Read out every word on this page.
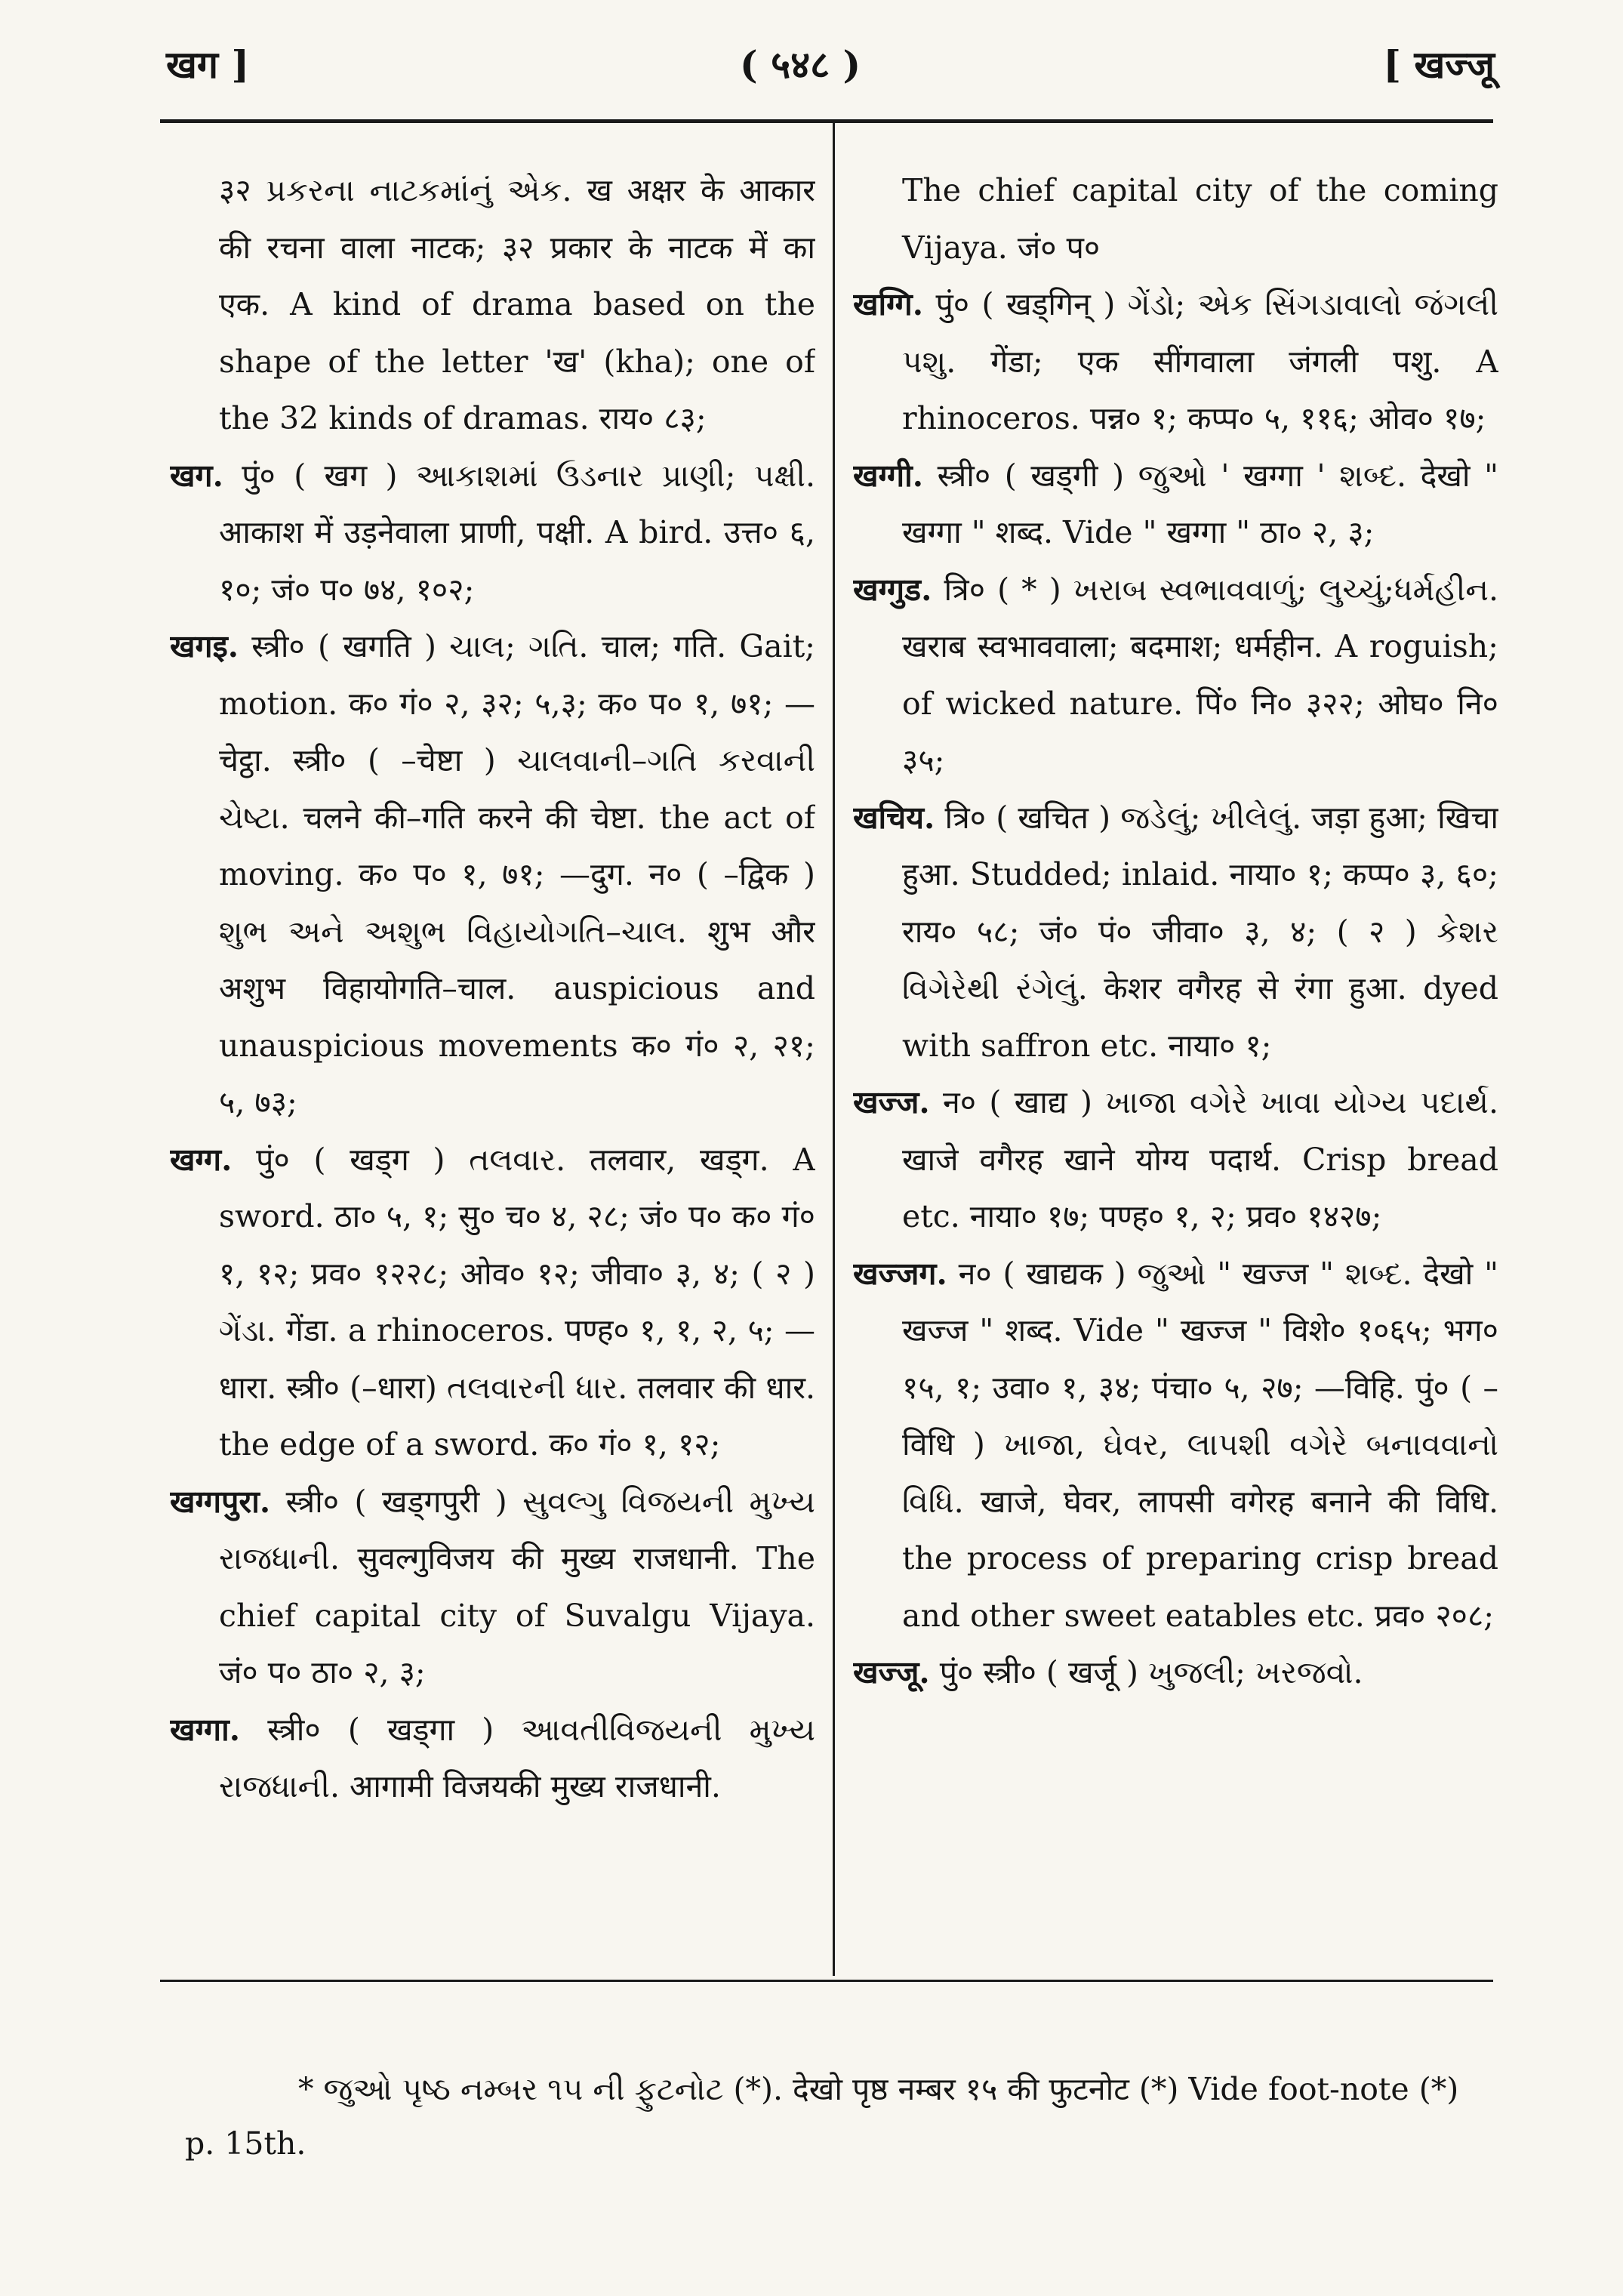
खग ]	( ५४८ )	[ खज्जू

३२ પ્રકરના નાટકમાંનું એક. ख अक्षर के आकार की रचना वाला नाटक; ३२ प्रकार के नाटक में का एक. A kind of drama based on the shape of the letter 'ख' (kha); one of the 32 kinds of dramas. राय० ८३;

खग. पुं० ( खग ) આકાશમાં ઉડનાર પ્રાણી; પક્ષી. आकाश में उड़नेवाला प्राणी, पक्षी. A bird. उत्त० ६, १०; जं० प० ७४, १०२;

खगइ. स्त्री० ( खगति ) ચાલ; ગતિ. चाल; गति. Gait; motion. क० गं० २, ३२; ५,३; क० प० १, ७१; —चेट्ठा. स्त्री० ( –चेष्टा ) ચાલવાની–ગતિ કરવાની ચેષ્ટા. चलने की–गति करने की चेष्टा. the act of moving. क० प० १, ७१; —दुग. न० ( –द्विक ) શુભ અને અશુભ વિહાયોગતિ–ચાલ. शुभ और अशुभ विहायोगति–चाल. auspicious and unauspicious movements क० गं० २, २१; ५, ७३;

खग्ग. पुं० ( खड्ग ) તલવાર. तलवार, खड्ग. A sword. ठा० ५, १; सु० च० ४, २८; जं० प० क० गं० १, १२; प्रव० १२२८; ओव० १२; जीवा० ३, ४; ( २ ) ગેંડા. गेंडा. a rhinoceros. पण्ह० १, १, २, ५; —धारा. स्त्री० (–धारा) તલવારની ધાર. तलवार की धार. the edge of a sword. क० गं० १, १२;

खग्गपुरा. स्त्री० ( खड्गपुरी ) સુવલ્ગુ વિજયની મુખ્ય રાજધાની. सुवल्गुविजय की मुख्य राजधानी. The chief capital city of Suvalgu Vijaya. जं० प० ठा० २, ३;

खग्गा. स्त्री० ( खड्गा ) આવતીવિજયની મુખ્ય રાજધાની. आगामी विजयकी मुख्य राजधानी.

The chief capital city of the coming Vijaya. जं० प०

खग्गि. पुं० ( खड्गिन् ) ગેંડો; એક સિંગડાવાલો જંગલી પશુ. गेंडा; एक सींगवाला जंगली पशु. A rhinoceros. पन्न० १; कप्प० ५, ११६; ओव० १७;

खग्गी. स्त्री० ( खड्गी ) જુઓ ' खग्गा ' શબ્દ. देखो " खग्गा " शब्द. Vide " खग्गा " ठा० २, ३;

खग्गुड. त्रि० ( * ) ખરાબ સ્વભાવવાળું; લુચ્ચું;ધર્મહીન. खराब स्वभाववाला; बदमाश; धर्महीन. A roguish; of wicked nature. पिं० नि० ३२२; ओघ० नि० ३५;

खचिय. त्रि० ( खचित ) જડેલું; ખીલેલું. जड़ा हुआ; खिचा हुआ. Studded; inlaid. नाया० १; कप्प० ३, ६०; राय० ५८; जं० पं० जीवा० ३, ४; ( २ ) કેશર વિગેરેથી રંગેલું. केशर वगैरह से रंगा हुआ. dyed with saffron etc. नाया० १;

खज्ज. न० ( खाद्य ) ખાજા વગેરે ખાવા યોગ્ય પદાર્થ. खाजे वगैरह खाने योग्य पदार्थ. Crisp bread etc. नाया० १७; पण्ह० १, २; प्रव० १४२७;

खज्जग. न० ( खाद्यक ) જુઓ " खज्ज " શબ્દ. देखो " खज्ज " शब्द. Vide " खज्ज " विशे० १०६५; भग० १५, १; उवा० १, ३४; पंचा० ५, २७; —विहि. पुं० ( –विधि ) ખાજા, ઘેવર, લાપશી વગેરે બનાવવાનો વિધિ. खाजे, घेवर, लापसी वगेरह बनाने की विधि. the process of preparing crisp bread and other sweet eatables etc. प्रव० २०८;

खज्जू. पुं० स्त्री० ( खर्जू ) ખુજલી; ખરજવો.

* જુઓ પૃષ્ઠ નમ્બર ૧૫ ની ફુટનોટ (*). देखो पृष्ठ नम्बर १५ की फुटनोट (*) Vide foot-note (*) p. 15th.
